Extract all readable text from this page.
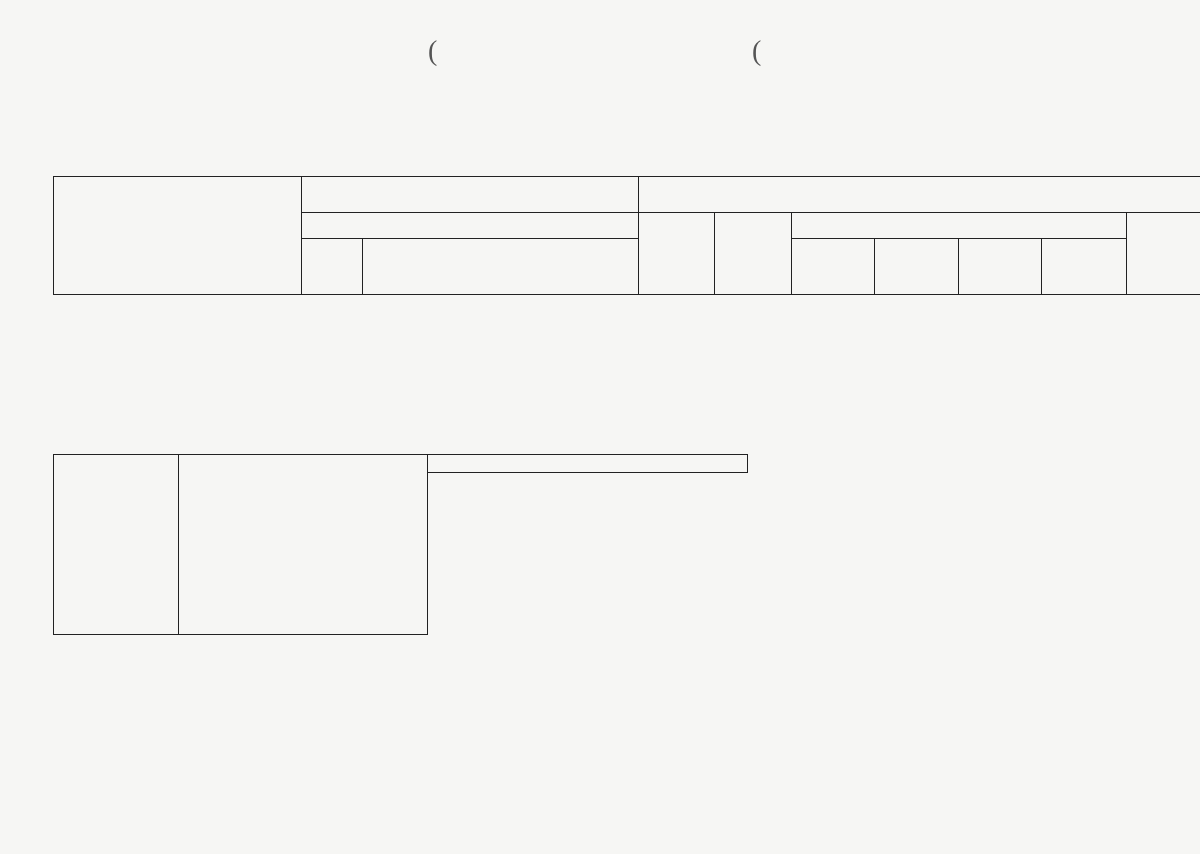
(	(
